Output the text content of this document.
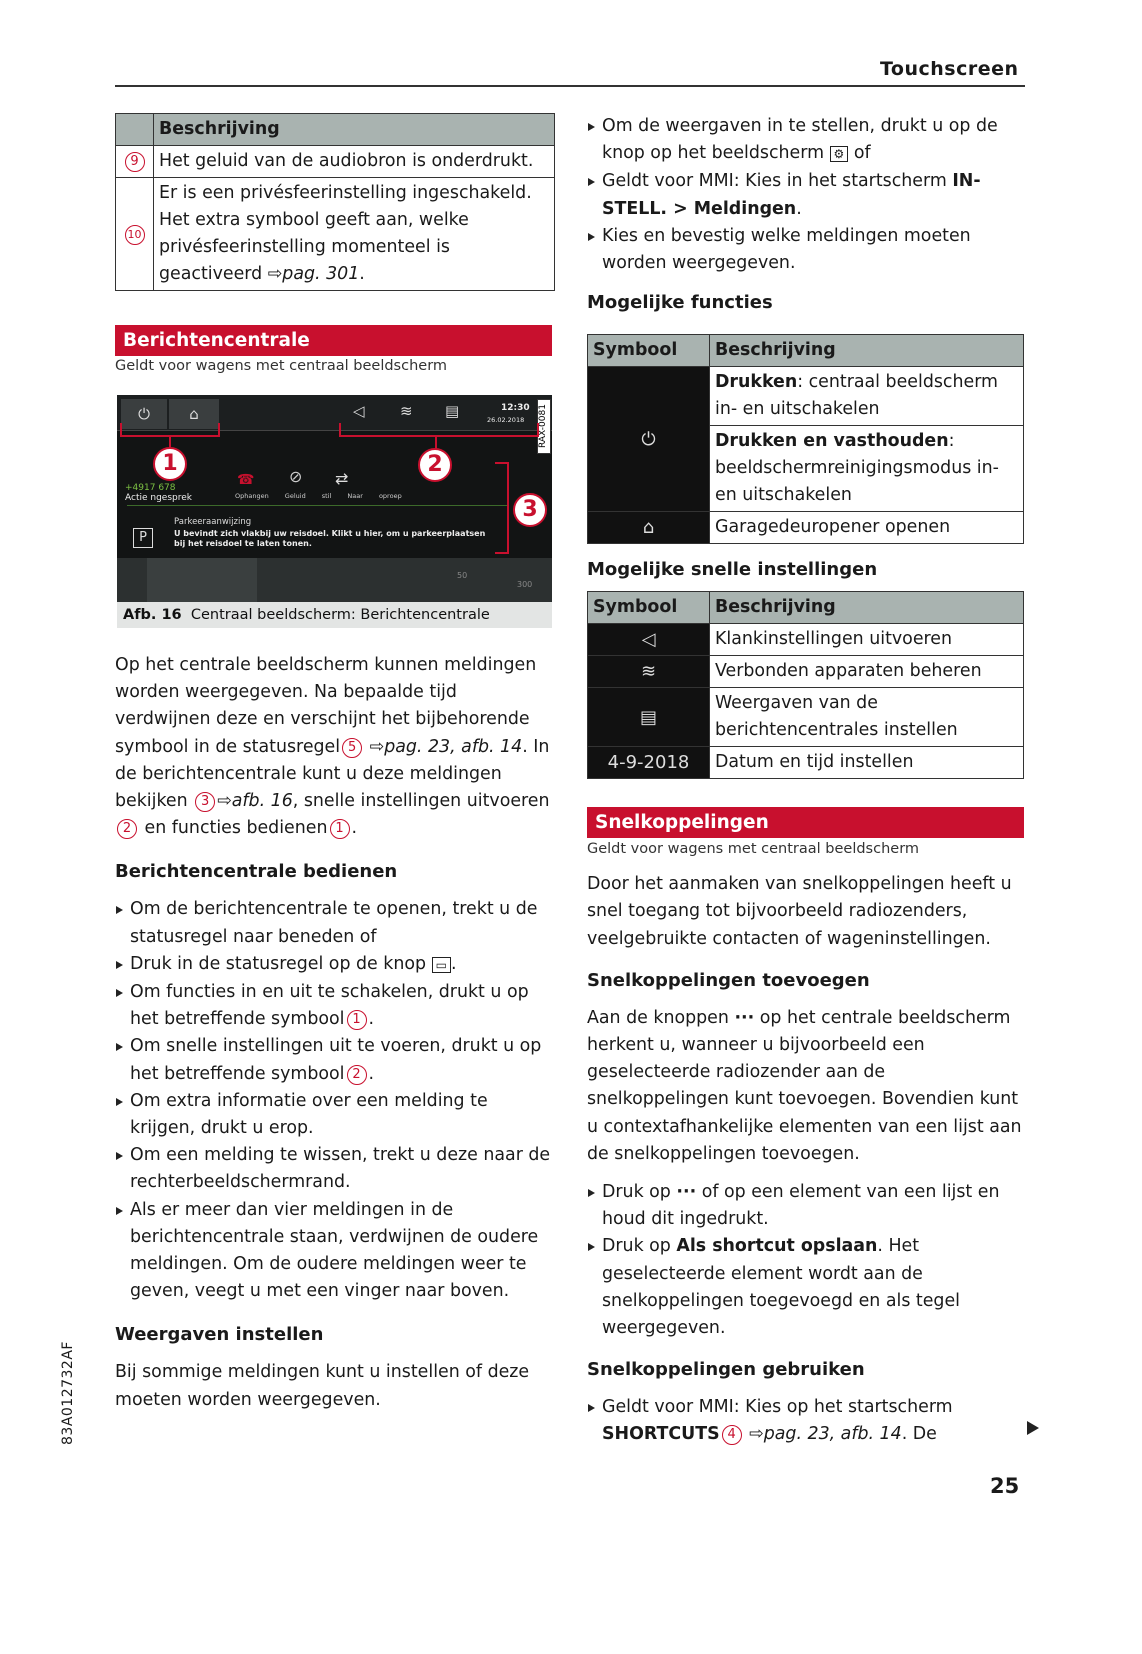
Touchscreen
	Beschrijving
9	Het geluid van de audiobron is onderdrukt.
10	Er is een privésfeerinstelling ingeschakeld. Het extra symbool geeft aan, welke privésfeerinstelling momenteel is geactiveerd ⇨pag. 301.
Berichtencentrale
Geldt voor wagens met centraal beeldscherm
⏻	⌂	◁ ≋ ▤	12:30
26.02.2018 RAX-0081
+4917 678
Actie ngesprek
☎ ⊘ ⇄
Ophangen Geluid stil Naar oproep
P
Parkeeraanwijzing
U bevindt zich vlakbij uw reisdoel. Klikt u hier, om u parkeerplaatsen bij het reisdoel te laten tonen.
50
300
1	2
3
Afb. 16 Centraal beeldscherm: Berichtencentrale
Op het centrale beeldscherm kunnen meldingen worden weergegeven. Na bepaalde tijd verdwijnen deze en verschijnt het bijbehorende symbool in de statusregel 5 ⇨pag. 23, afb. 14. In de berichtencentrale kunt u deze meldingen bekijken 3 ⇨afb. 16, snelle instellingen uitvoeren2 en functies bedienen 1 .
Berichtencentrale bedienen
Om de berichtencentrale te openen, trekt u de statusregel naar beneden of
Druk in de statusregel op de knop ▭ .
Om functies in en uit te schakelen, drukt u op het betreffende symbool 1 .
Om snelle instellingen uit te voeren, drukt u op het betreffende symbool 2 .
Om extra informatie over een melding te krijgen, drukt u erop.
Om een melding te wissen, trekt u deze naar de rechterbeeldschermrand.
Als er meer dan vier meldingen in de berichtencentrale staan, verdwijnen de oudere meldingen. Om de oudere meldingen weer te geven, veegt u met een vinger naar boven.
Weergaven instellen
Bij sommige meldingen kunt u instellen of deze moeten worden weergegeven.
Om de weergaven in te stellen, drukt u op de knop op het beeldscherm ⚙ of
Geldt voor MMI: Kies in het startscherm IN-STELL. > Meldingen.
Kies en bevestig welke meldingen moeten worden weergegeven.
Mogelijke functies
Symbool	Beschrijving
⏻	Drukken: centraal beeldscherm in- en uitschakelen
	Drukken en vasthouden: beeldschermreinigingsmodus in- en uitschakelen
⌂	Garagedeuropener openen
Mogelijke snelle instellingen
Symbool	Beschrijving
◁	Klankinstellingen uitvoeren
≋	Verbonden apparaten beheren
▤	Weergaven van de berichtencentrales instellen
4-9-2018	Datum en tijd instellen
Snelkoppelingen
Geldt voor wagens met centraal beeldscherm
Door het aanmaken van snelkoppelingen heeft u snel toegang tot bijvoorbeeld radiozenders, veelgebruikte contacten of wageninstellingen.
Snelkoppelingen toevoegen
Aan de knoppen ··· op het centrale beeldscherm herkent u, wanneer u bijvoorbeeld een geselecteerde radiozender aan de snelkoppelingen kunt toevoegen. Bovendien kunt u contextafhankelijke elementen van een lijst aan de snelkoppelingen toevoegen.
Druk op ··· of op een element van een lijst en houd dit ingedrukt.
Druk op Als shortcut opslaan. Het geselecteerde element wordt aan de snelkoppelingen toegevoegd en als tegel weergegeven.
Snelkoppelingen gebruiken
Geldt voor MMI: Kies op het startscherm SHORTCUTS 4 ⇨pag. 23, afb. 14. De
83A012732AF
25
